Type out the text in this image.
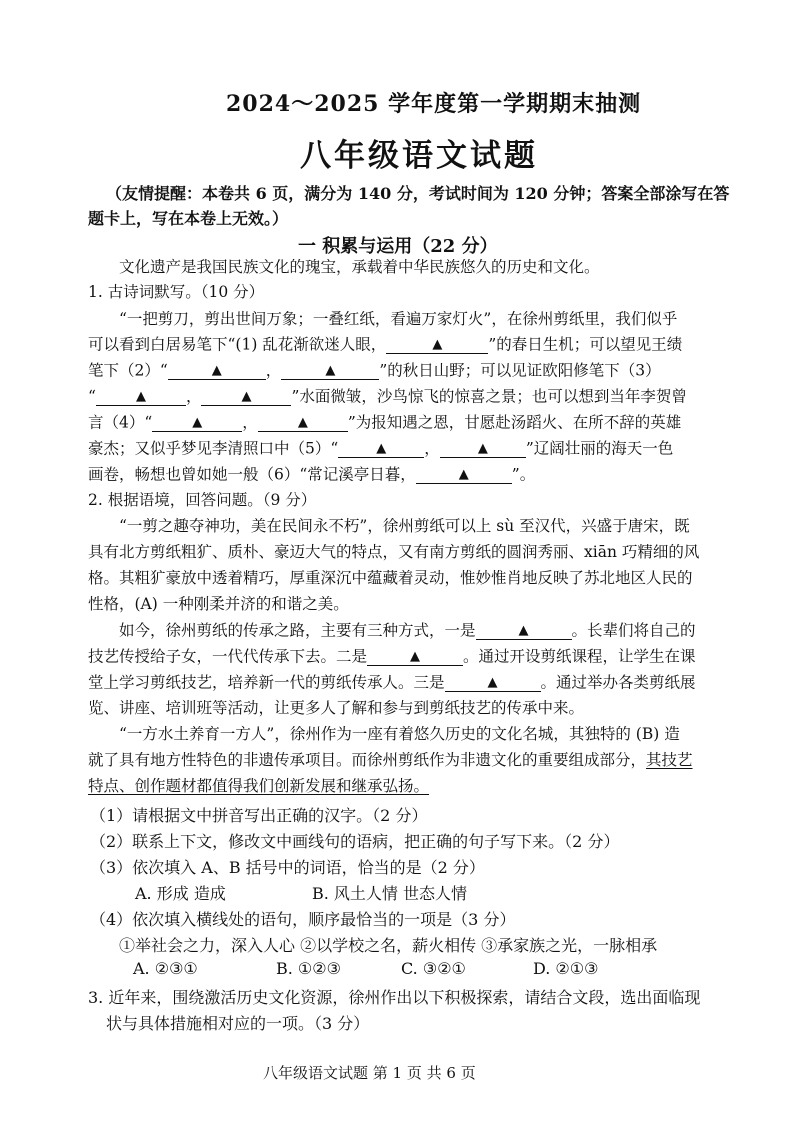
2024～2025 学年度第一学期期末抽测
八年级语文试题
（友情提醒：本卷共 6 页，满分为 140 分，考试时间为 120 分钟；答案全部涂写在答
题卡上，写在本卷上无效。）
一 积累与运用（22 分）
文化遗产是我国民族文化的瑰宝，承载着中华民族悠久的历史和文化。
1. 古诗词默写。（10 分）
“一把剪刀，剪出世间万象；一叠红纸，看遍万家灯火”，在徐州剪纸里，我们似乎
可以看到白居易笔下“(1) 乱花渐欲迷人眼，	▲	”的春日生机；可以望见王绩
笔下（2）“	▲	，	▲	”的秋日山野；可以见证欧阳修笔下（3）
“	▲	，	▲	”水面微皱，沙鸟惊飞的惊喜之景；也可以想到当年李贺曾
言（4）“	▲	，	▲	”为报知遇之恩，甘愿赴汤蹈火、在所不辞的英雄
豪杰；又似乎梦见李清照口中（5）“	▲ ，	▲ ”辽阔壮丽的海天一色
画卷，畅想也曾如她一般（6）“常记溪亭日暮，	▲	”。
2. 根据语境，回答问题。（9 分）
“一剪之趣夺神功，美在民间永不朽”，徐州剪纸可以上 sù 至汉代，兴盛于唐宋，既
具有北方剪纸粗犷、质朴、豪迈大气的特点，又有南方剪纸的圆润秀丽、xiān 巧精细的风
格。其粗犷豪放中透着精巧，厚重深沉中蕴藏着灵动，惟妙惟肖地反映了苏北地区人民的
性格，(A) 一种刚柔并济的和谐之美。
如今，徐州剪纸的传承之路，主要有三种方式，一是	▲	。长辈们将自己的
技艺传授给子女，一代代传承下去。二是	▲	。通过开设剪纸课程，让学生在课
堂上学习剪纸技艺，培养新一代的剪纸传承人。三是	▲	。通过举办各类剪纸展
览、讲座、培训班等活动，让更多人了解和参与到剪纸技艺的传承中来。
“一方水土养育一方人”，徐州作为一座有着悠久历史的文化名城，其独特的 (B) 造
就了具有地方性特色的非遗传承项目。而徐州剪纸作为非遗文化的重要组成部分，其技艺
特点、创作题材都值得我们创新发展和继承弘扬。
（1）请根据文中拼音写出正确的汉字。（2 分）
（2）联系上下文，修改文中画线句的语病，把正确的句子写下来。（2 分）
（3）依次填入 A、B 括号中的词语，恰当的是（2 分）
A. 形成 造成	B. 风土人情 世态人情
（4）依次填入横线处的语句，顺序最恰当的一项是（3 分）
①举社会之力，深入人心 ②以学校之名，薪火相传 ③承家族之光，一脉相承
A. ②③①	B. ①②③	C. ③②①	D. ②①③
3. 近年来，围绕激活历史文化资源，徐州作出以下积极探索，请结合文段，选出面临现
状与具体措施相对应的一项。（3 分）
八年级语文试题 第 1 页 共 6 页
